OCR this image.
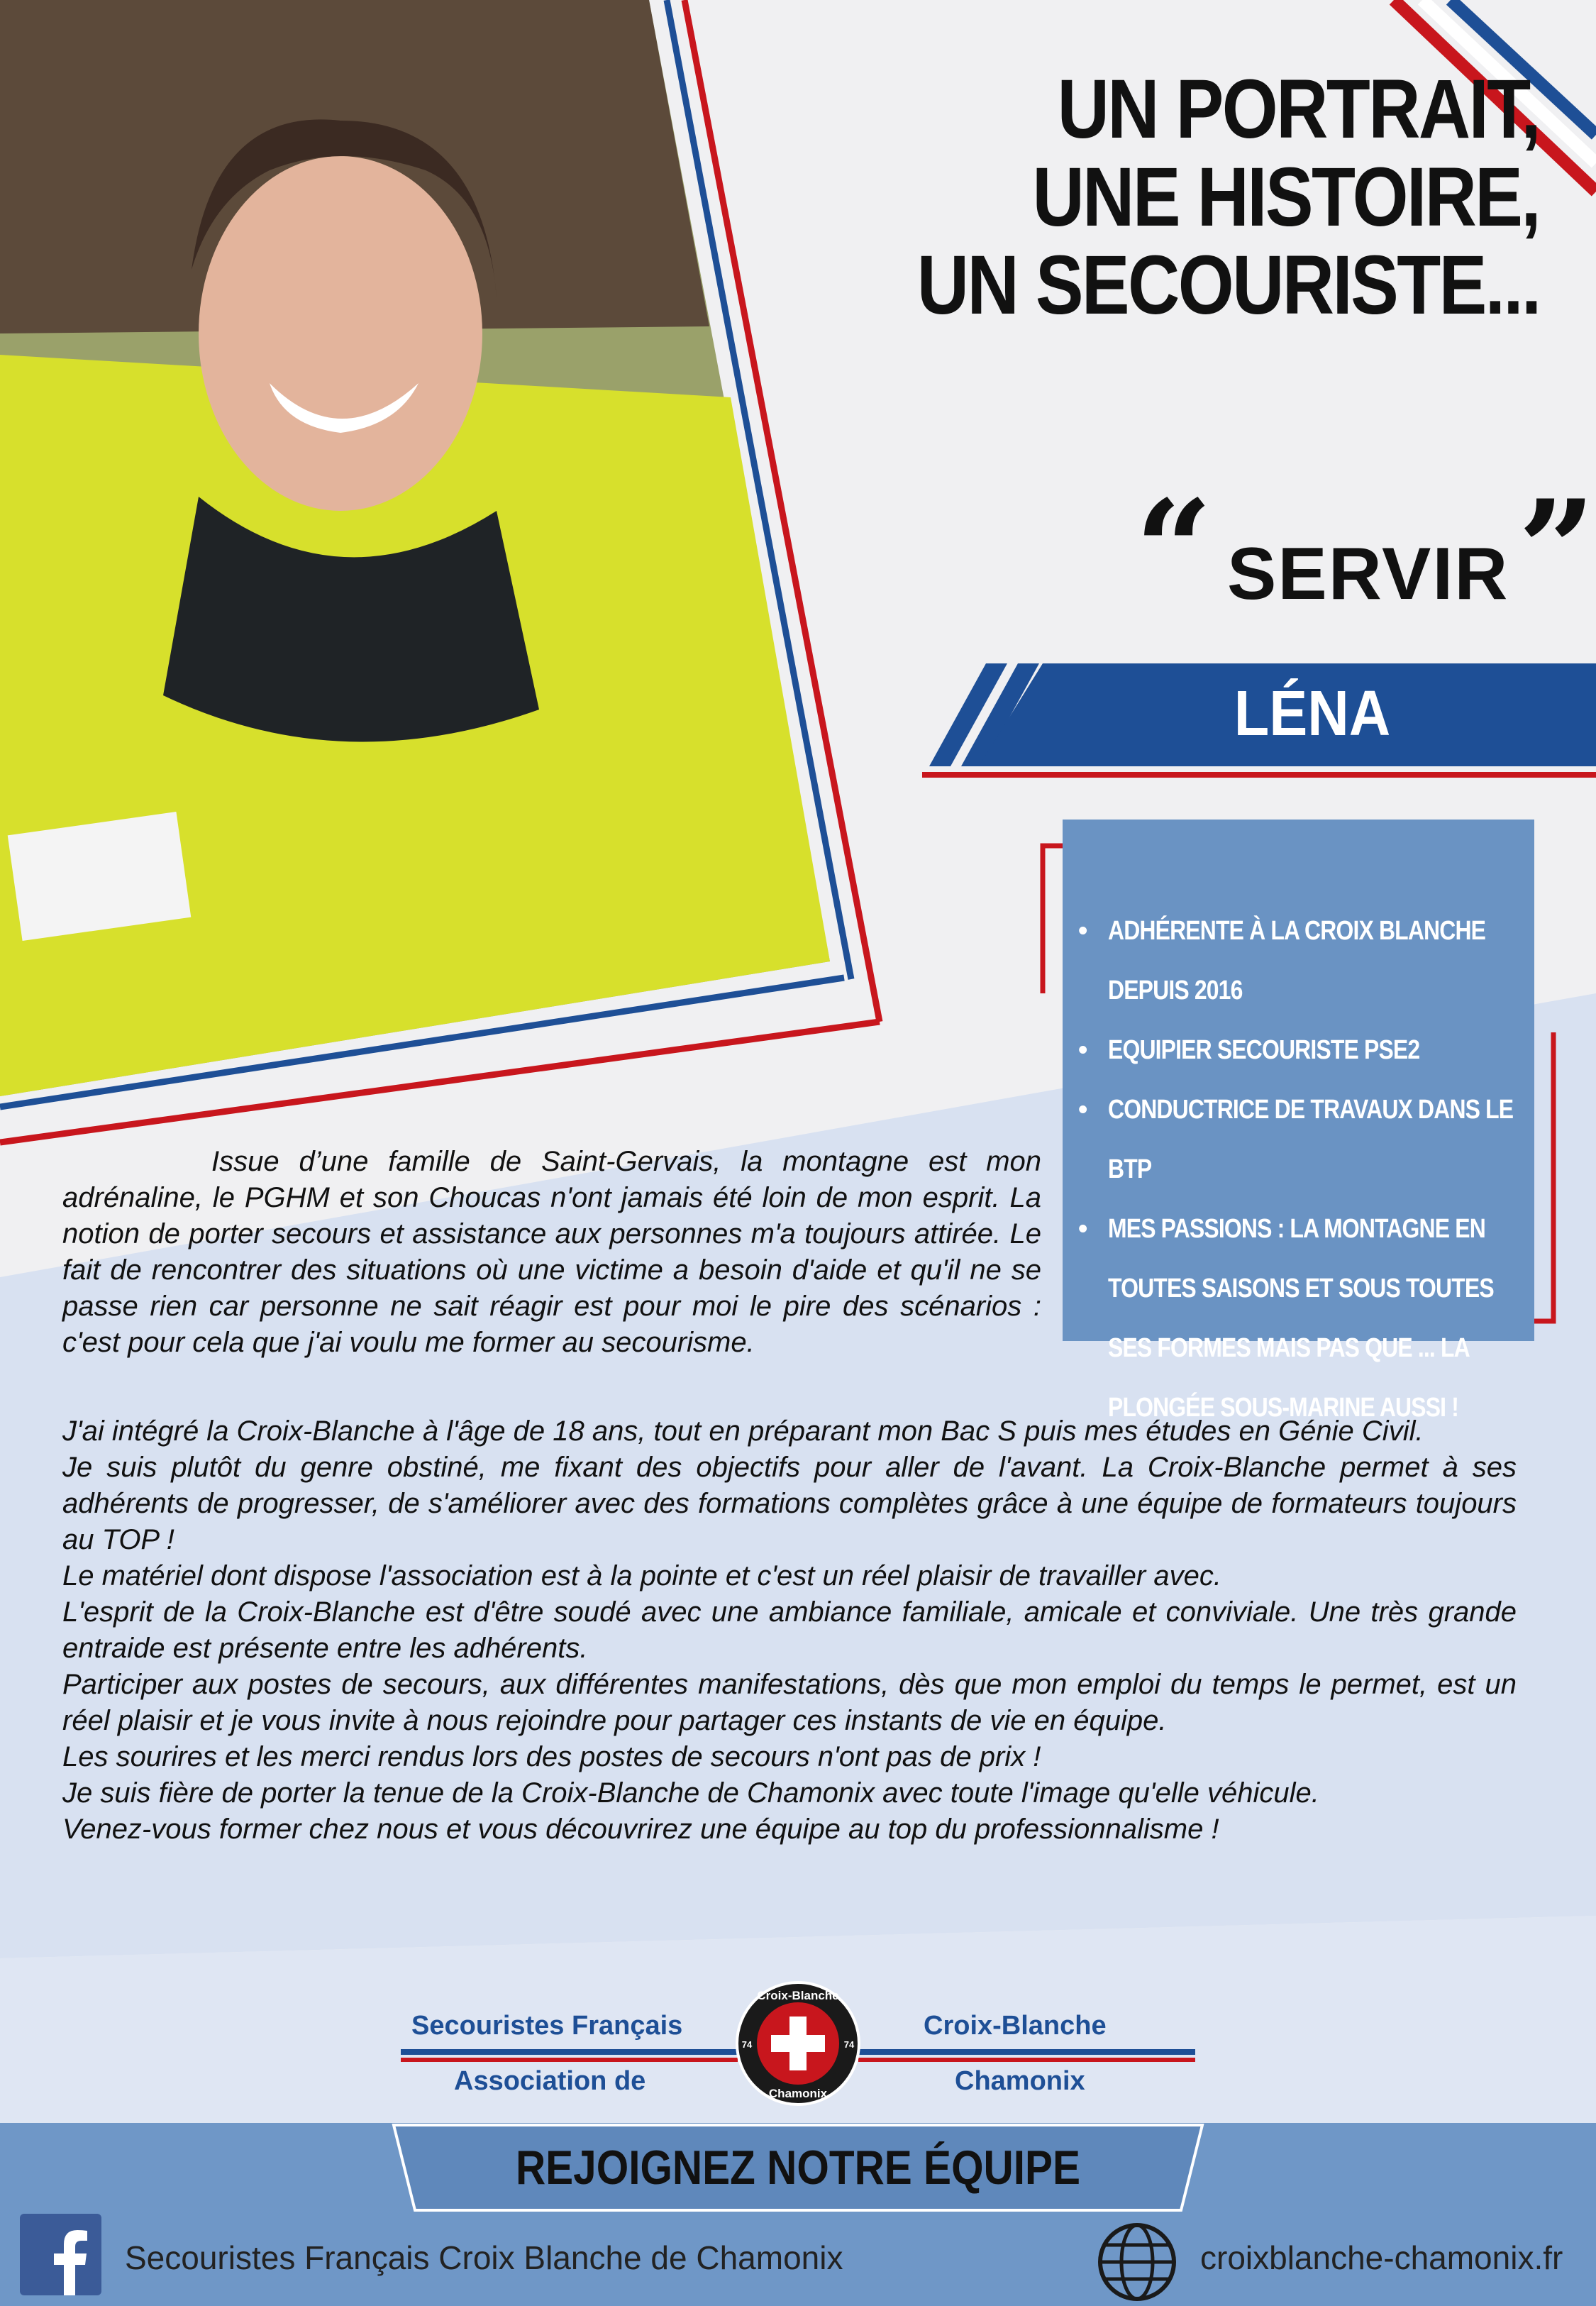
UN PORTRAIT,
UNE HISTOIRE,
UN SECOURISTE...
“ SERVIR ”
LÉNA
• ADHÉRENTE À LA CROIX BLANCHE DEPUIS 2016
• EQUIPIER SECOURISTE PSE2
• CONDUCTRICE DE TRAVAUX DANS LE BTP
• MES PASSIONS : LA MONTAGNE EN TOUTES SAISONS ET SOUS TOUTES SES FORMES MAIS PAS QUE ... LA PLONGÉE SOUS-MARINE AUSSI !

Issue d’une famille de Saint-Gervais, la montagne est mon adrénaline, le PGHM et son Choucas n'ont jamais été loin de mon esprit. La notion de porter secours et assistance aux personnes m'a toujours attirée. Le fait de rencontrer des situations où une victime a besoin d'aide et qu'il ne se passe rien car personne ne sait réagir est pour moi le pire des scénarios : c'est pour cela que j'ai voulu me former au secourisme.

J'ai intégré la Croix-Blanche à l'âge de 18 ans, tout en préparant mon Bac S puis mes études en Génie Civil.

Je suis plutôt du genre obstiné, me fixant des objectifs pour aller de l'avant. La Croix-Blanche permet à ses adhérents de progresser, de s'améliorer avec des formations complètes grâce à une équipe de formateurs toujours au TOP !

Le matériel dont dispose l'association est à la pointe et c'est un réel plaisir de travailler avec.

L'esprit de la Croix-Blanche est d'être soudé avec une ambiance familiale, amicale et conviviale. Une très grande entraide est présente entre les adhérents.

Participer aux postes de secours, aux différentes manifestations, dès que mon emploi du temps le permet, est un réel plaisir et je vous invite à nous rejoindre pour partager ces instants de vie en équipe.

Les sourires et les merci rendus lors des postes de secours n'ont pas de prix !

Je suis fière de porter la tenue de la Croix-Blanche de Chamonix avec toute l'image qu'elle véhicule.

Venez-vous former chez nous et vous découvrirez une équipe au top du professionnalisme !

Secouristes Français
Association de
Croix-Blanche
Chamonix
Croix-Blanche
Chamonix
74	74
REJOIGNEZ NOTRE ÉQUIPE
Secouristes Français Croix Blanche de Chamonix	croixblanche-chamonix.fr
